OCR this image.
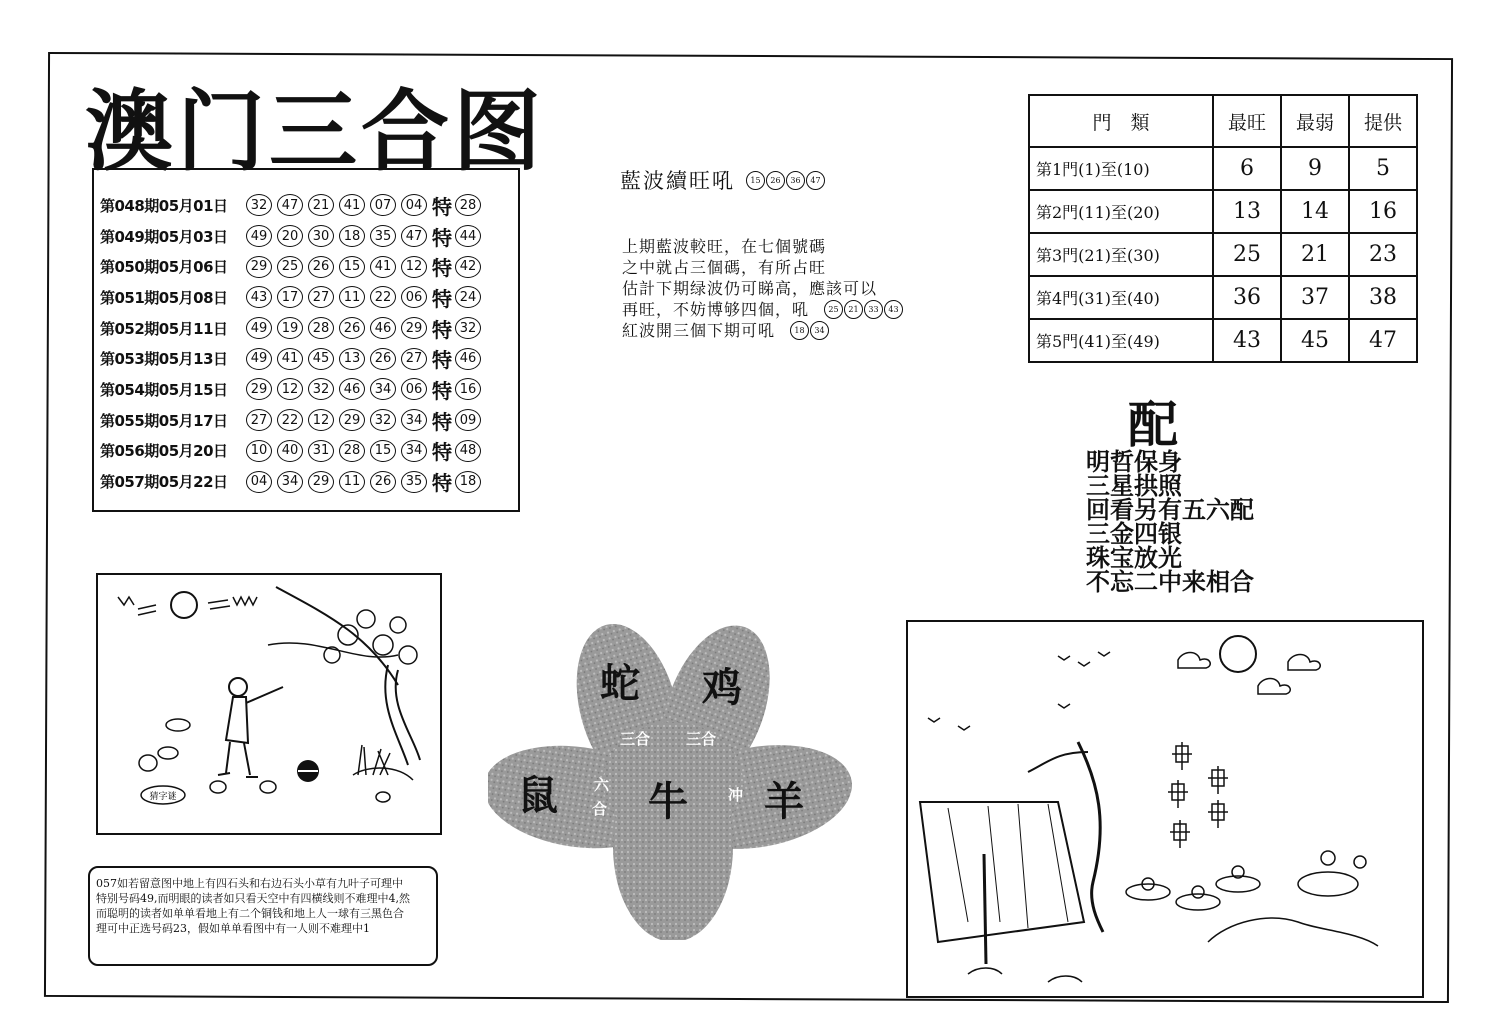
澳门三合图
第048期05月01日	32	47	21	41	07	04 特 28
第049期05月03日	49	20	30	18	35	47 特 44
第050期05月06日	29	25	26	15	41	12 特 42
第051期05月08日	43	17	27	11	22	06 特 24
第052期05月11日	49	19	28	26	46	29 特 32
第053期05月13日	49	41	45	13	26	27 特 46
第054期05月15日	29	12	32	46	34	06 特 16
第055期05月17日	27	22	12	29	32	34 特 09
第056期05月20日	10	40	31	28	15	34 特 48
第057期05月22日	04	34	29	11	26	35 特 18
藍波續旺吼	15	26	36	47
上期藍波較旺，在七個號碼
之中就占三個碼，有所占旺
估計下期绿波仍可睇高，應該可以
再旺，不妨博够四個，吼	25	21	33	43
紅波開三個下期可吼	18	34
門　類	最旺	最弱	提供
第1門(1)至(10)	6	9	5
第2門(11)至(20)	13	14	16
第3門(21)至(30)	25	21	23
第4門(31)至(40)	36	37	38
第5門(41)至(49)	43	45	47
配
明哲保身
三星拱照
回看另有五六配
三金四银
珠宝放光
不忘二中来相合
猜字谜
蛇 鸡
鼠 牛 羊
三合 三合
六
合
冲
057如若留意图中地上有四石头和右边石头小草有九叶子可理中
特别号码49,而明眼的读者如只看天空中有四横线则不难理中4,然
而聪明的读者如单单看地上有二个铜钱和地上人一球有三黑色合
理可中正选号码23，假如单单看图中有一人则不难理中1
